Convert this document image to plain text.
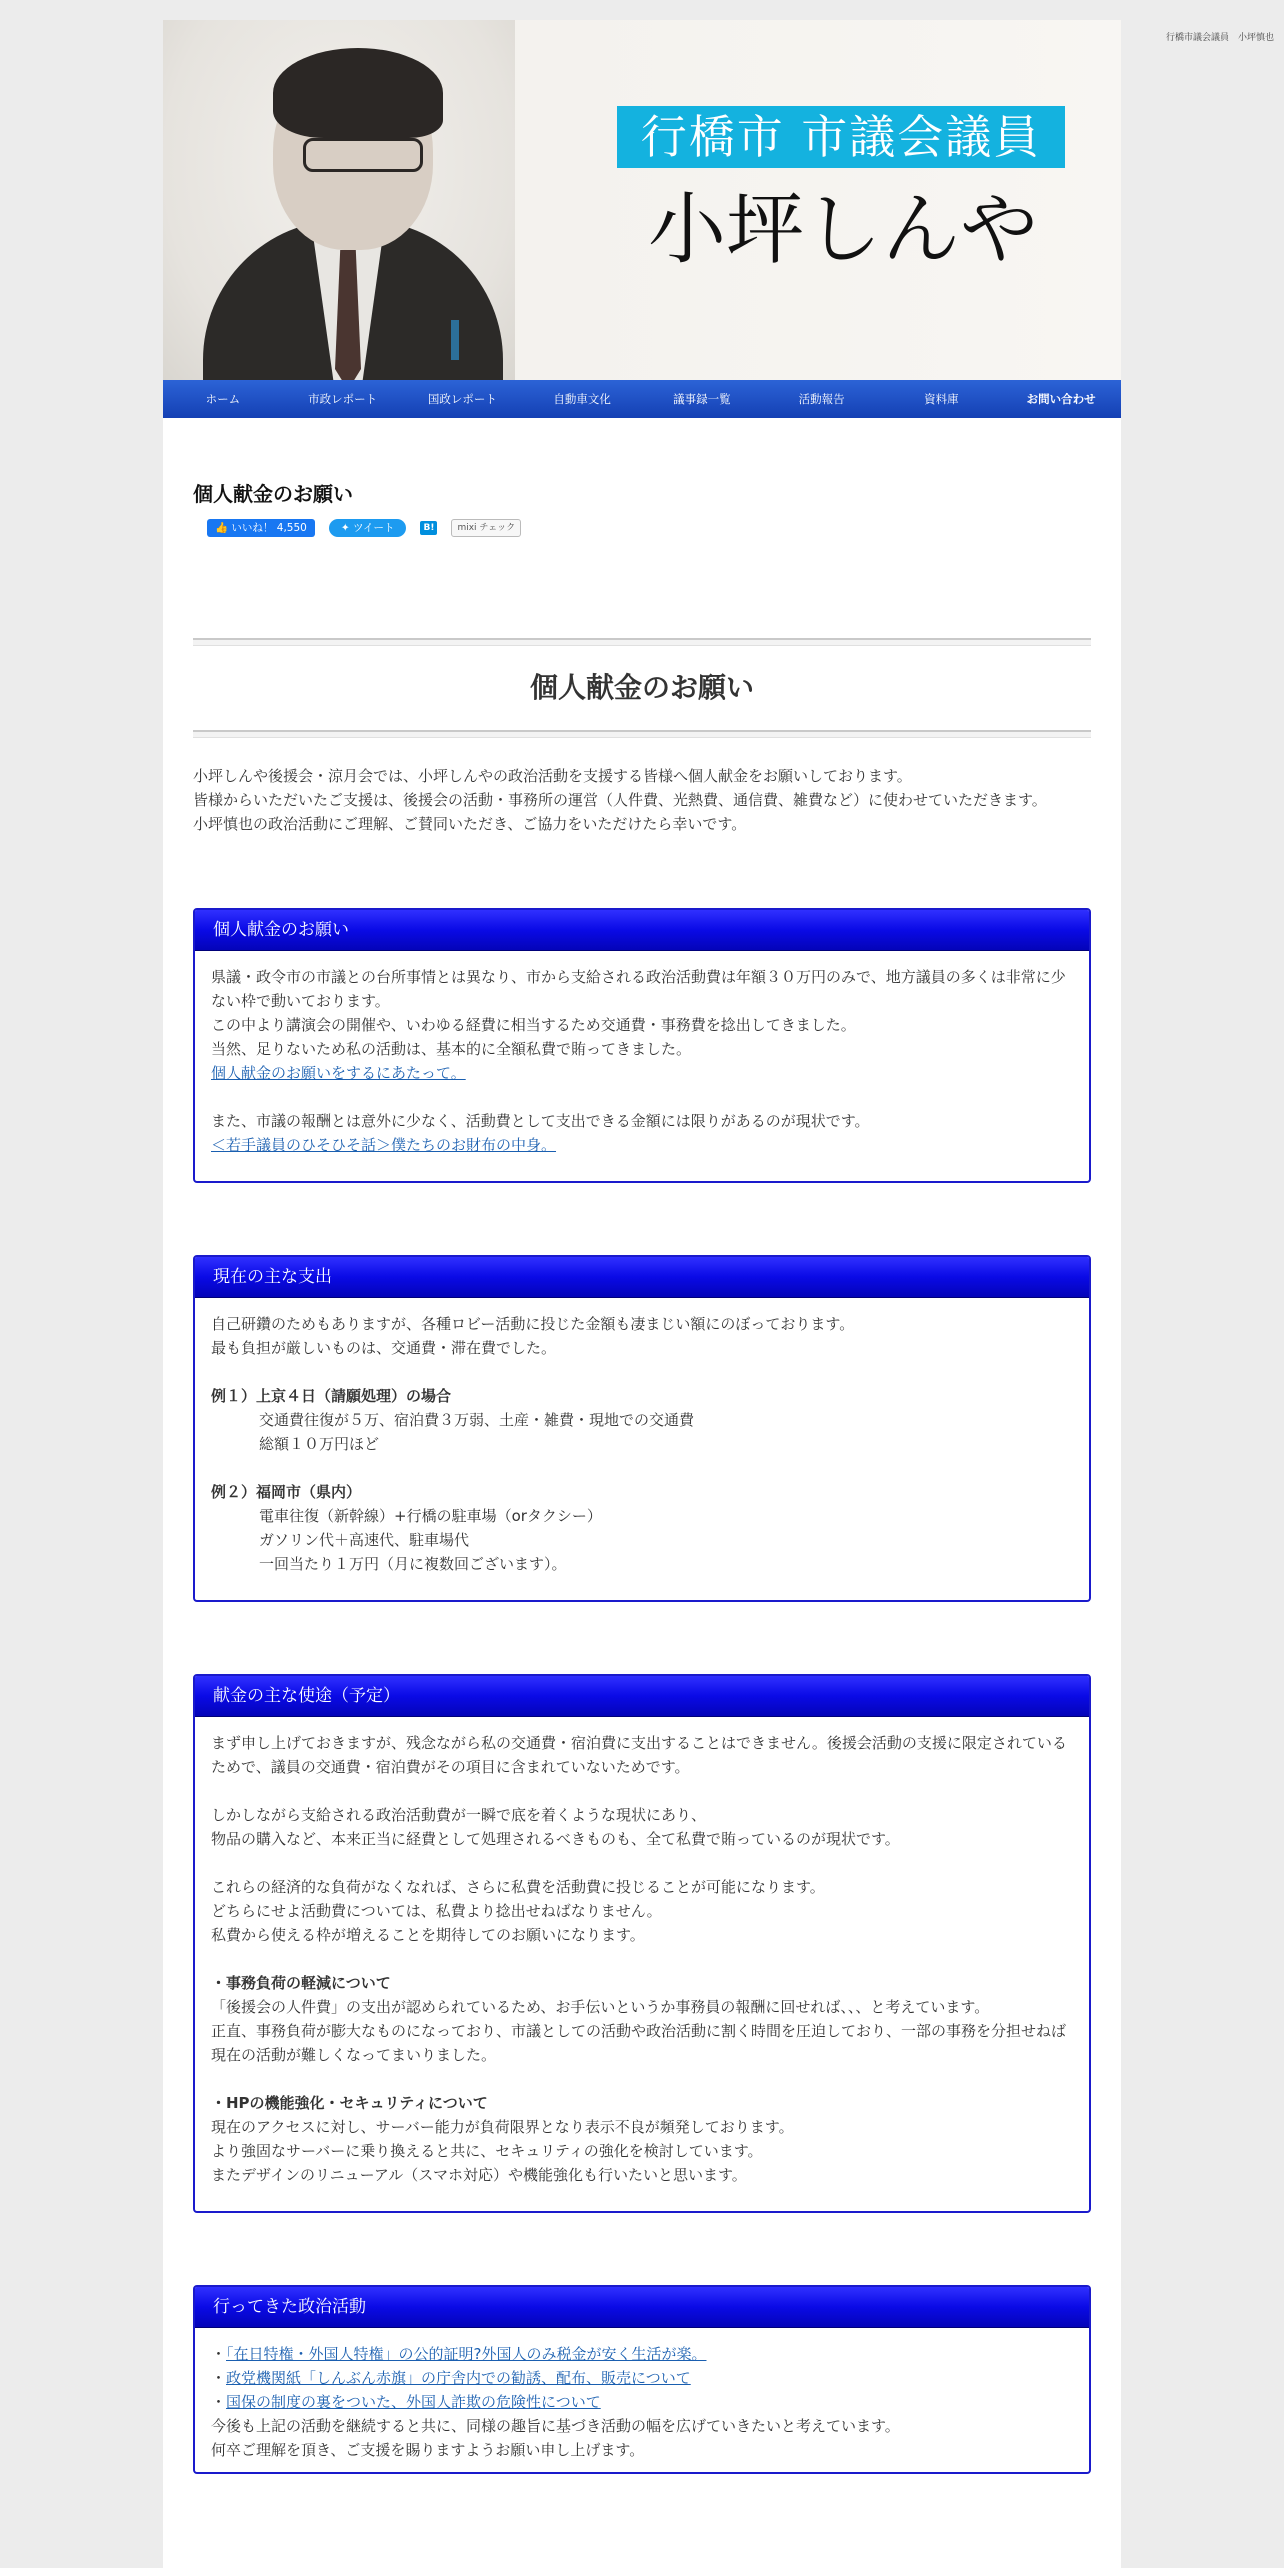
行橋市議会議員　小坪慎也
行橋市 市議会議員
小坪しんや
ホーム	市政レポート	国政レポート	自動車文化	議事録一覧	活動報告	資料庫	お問い合わせ
個人献金のお願い
👍 いいね！ 4,550	✦ ツイート	B!	mixi チェック
個人献金のお願い
小坪しんや後援会・涼月会では、小坪しんやの政治活動を支援する皆様へ個人献金をお願いしております。
皆様からいただいたご支援は、後援会の活動・事務所の運営（人件費、光熱費、通信費、雑費など）に使わせていただきます。
小坪慎也の政治活動にご理解、ご賛同いただき、ご協力をいただけたら幸いです。
個人献金のお願い

県議・政令市の市議との台所事情とは異なり、市から支給される政治活動費は年額３０万円のみで、地方議員の多くは非常に少ない枠で動いております。

この中より講演会の開催や、いわゆる経費に相当するため交通費・事務費を捻出してきました。

当然、足りないため私の活動は、基本的に全額私費で賄ってきました。

個人献金のお願いをするにあたって。

また、市議の報酬とは意外に少なく、活動費として支出できる金額には限りがあるのが現状です。

＜若手議員のひそひそ話＞僕たちのお財布の中身。

現在の主な支出

自己研鑽のためもありますが、各種ロビー活動に投じた金額も凄まじい額にのぼっております。

最も負担が厳しいものは、交通費・滞在費でした。

例１）上京４日（請願処理）の場合

交通費往復が５万、宿泊費３万弱、土産・雑費・現地での交通費

総額１０万円ほど

例２）福岡市（県内）

電車往復（新幹線）+行橋の駐車場（orタクシー）

ガソリン代＋高速代、駐車場代

一回当たり１万円（月に複数回ございます）。

献金の主な使途（予定）

まず申し上げておきますが、残念ながら私の交通費・宿泊費に支出することはできません。後援会活動の支援に限定されているためで、議員の交通費・宿泊費がその項目に含まれていないためです。

しかしながら支給される政治活動費が一瞬で底を着くような現状にあり、

物品の購入など、本来正当に経費として処理されるべきものも、全て私費で賄っているのが現状です。

これらの経済的な負荷がなくなれば、さらに私費を活動費に投じることが可能になります。

どちらにせよ活動費については、私費より捻出せねばなりません。

私費から使える枠が増えることを期待してのお願いになります。

・事務負荷の軽減について

「後援会の人件費」の支出が認められているため、お手伝いというか事務員の報酬に回せれば、、、と考えています。

正直、事務負荷が膨大なものになっており、市議としての活動や政治活動に割く時間を圧迫しており、一部の事務を分担せねば現在の活動が難しくなってまいりました。

・HPの機能強化・セキュリティについて

現在のアクセスに対し、サーバー能力が負荷限界となり表示不良が頻発しております。

より強固なサーバーに乗り換えると共に、セキュリティの強化を検討しています。

またデザインのリニューアル（スマホ対応）や機能強化も行いたいと思います。

行ってきた政治活動

・「在日特権・外国人特権」の公的証明?外国人のみ税金が安く生活が楽。

・政党機関紙「しんぶん赤旗」の庁舎内での勧誘、配布、販売について

・国保の制度の裏をついた、外国人詐欺の危険性について

今後も上記の活動を継続すると共に、同様の趣旨に基づき活動の幅を広げていきたいと考えています。

何卒ご理解を頂き、ご支援を賜りますようお願い申し上げます。
